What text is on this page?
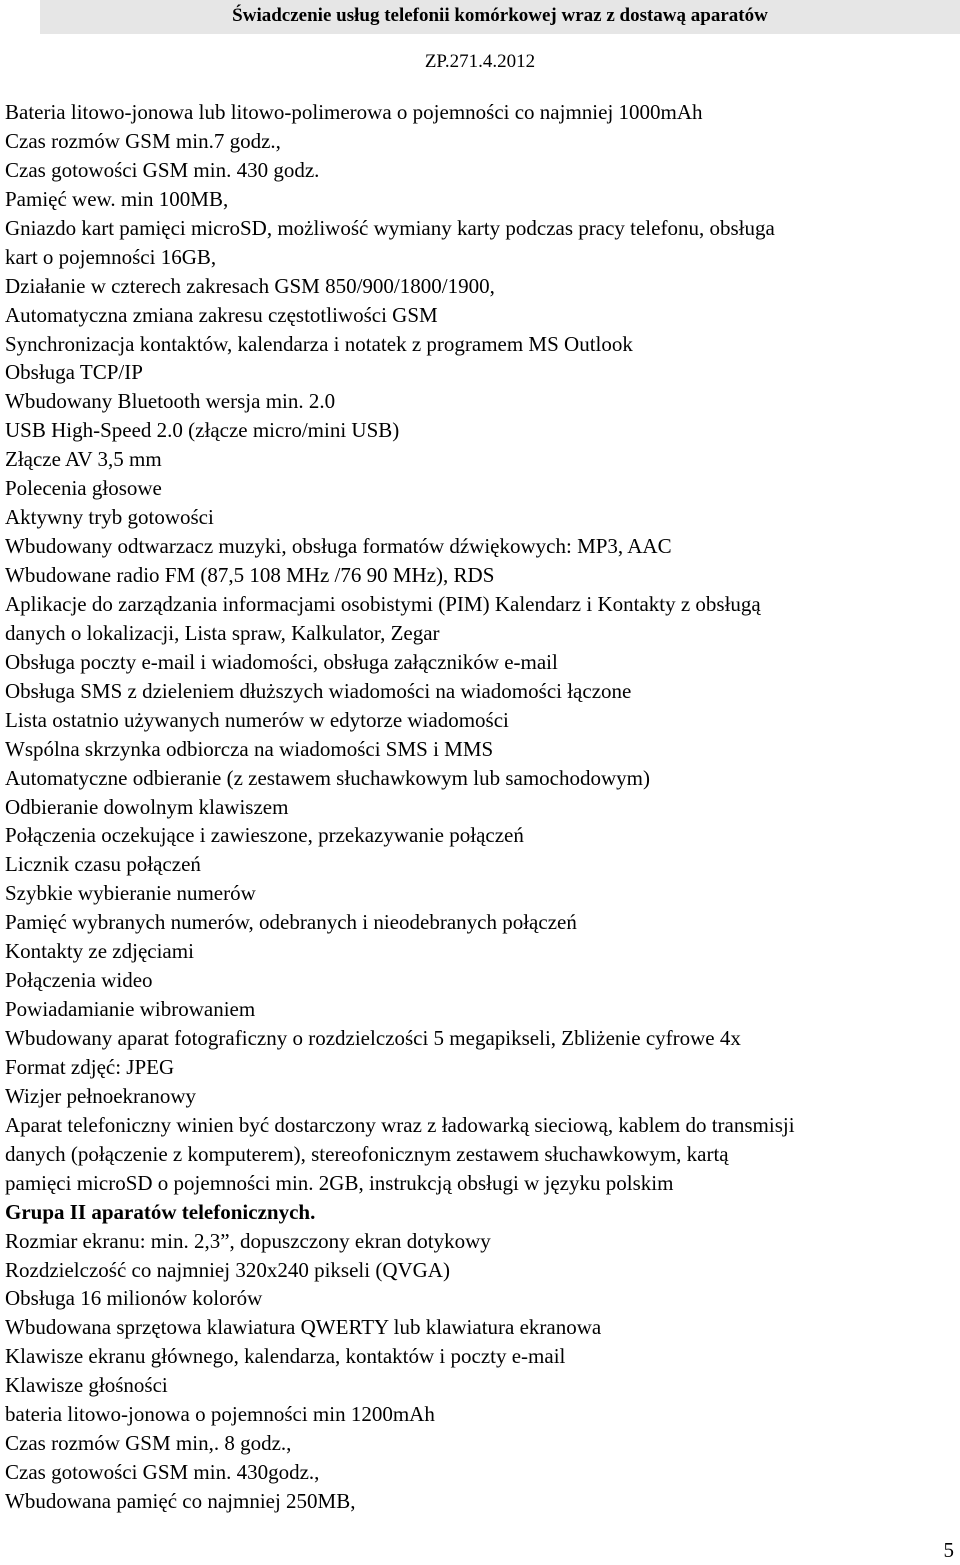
Świadczenie usług telefonii komórkowej wraz z dostawą aparatów
ZP.271.4.2012
Bateria litowo-jonowa lub litowo-polimerowa o pojemności co najmniej 1000mAh
Czas rozmów GSM min.7 godz.,
Czas gotowości GSM min. 430 godz.
Pamięć wew. min 100MB,
Gniazdo kart pamięci microSD, możliwość wymiany karty podczas pracy telefonu, obsługa
kart o pojemności 16GB,
Działanie w czterech zakresach GSM 850/900/1800/1900,
Automatyczna zmiana zakresu częstotliwości GSM
Synchronizacja kontaktów, kalendarza i notatek z programem MS Outlook
Obsługa TCP/IP
Wbudowany Bluetooth wersja min. 2.0
USB High-Speed 2.0 (złącze micro/mini USB)
Złącze AV 3,5 mm
Polecenia głosowe
Aktywny tryb gotowości
Wbudowany odtwarzacz muzyki, obsługa formatów dźwiękowych: MP3, AAC
Wbudowane radio FM (87,5 108 MHz /76 90 MHz), RDS
Aplikacje do zarządzania informacjami osobistymi (PIM) Kalendarz i Kontakty z obsługą
danych o lokalizacji, Lista spraw, Kalkulator, Zegar
Obsługa poczty e-mail i wiadomości, obsługa załączników e-mail
Obsługa SMS z dzieleniem dłuższych wiadomości na wiadomości łączone
Lista ostatnio używanych numerów w edytorze wiadomości
Wspólna skrzynka odbiorcza na wiadomości SMS i MMS
Automatyczne odbieranie (z zestawem słuchawkowym lub samochodowym)
Odbieranie dowolnym klawiszem
Połączenia oczekujące i zawieszone, przekazywanie połączeń
Licznik czasu połączeń
Szybkie wybieranie numerów
Pamięć wybranych numerów, odebranych i nieodebranych połączeń
Kontakty ze zdjęciami
Połączenia wideo
Powiadamianie wibrowaniem
Wbudowany aparat fotograficzny o rozdzielczości 5 megapikseli, Zbliżenie cyfrowe 4x
Format zdjęć: JPEG
Wizjer pełnoekranowy
Aparat telefoniczny winien być dostarczony wraz z ładowarką sieciową, kablem do transmisji
danych (połączenie z komputerem), stereofonicznym zestawem słuchawkowym, kartą
pamięci microSD o pojemności min. 2GB, instrukcją obsługi w języku polskim
Grupa II aparatów telefonicznych.
Rozmiar ekranu: min. 2,3”, dopuszczony ekran dotykowy
Rozdzielczość co najmniej 320x240 pikseli (QVGA)
Obsługa 16 milionów kolorów
Wbudowana sprzętowa klawiatura QWERTY lub klawiatura ekranowa
Klawisze ekranu głównego, kalendarza, kontaktów i poczty e-mail
Klawisze głośności
bateria litowo-jonowa o pojemności min 1200mAh
Czas rozmów GSM min,. 8 godz.,
Czas gotowości GSM min. 430godz.,
Wbudowana pamięć co najmniej 250MB,
5
